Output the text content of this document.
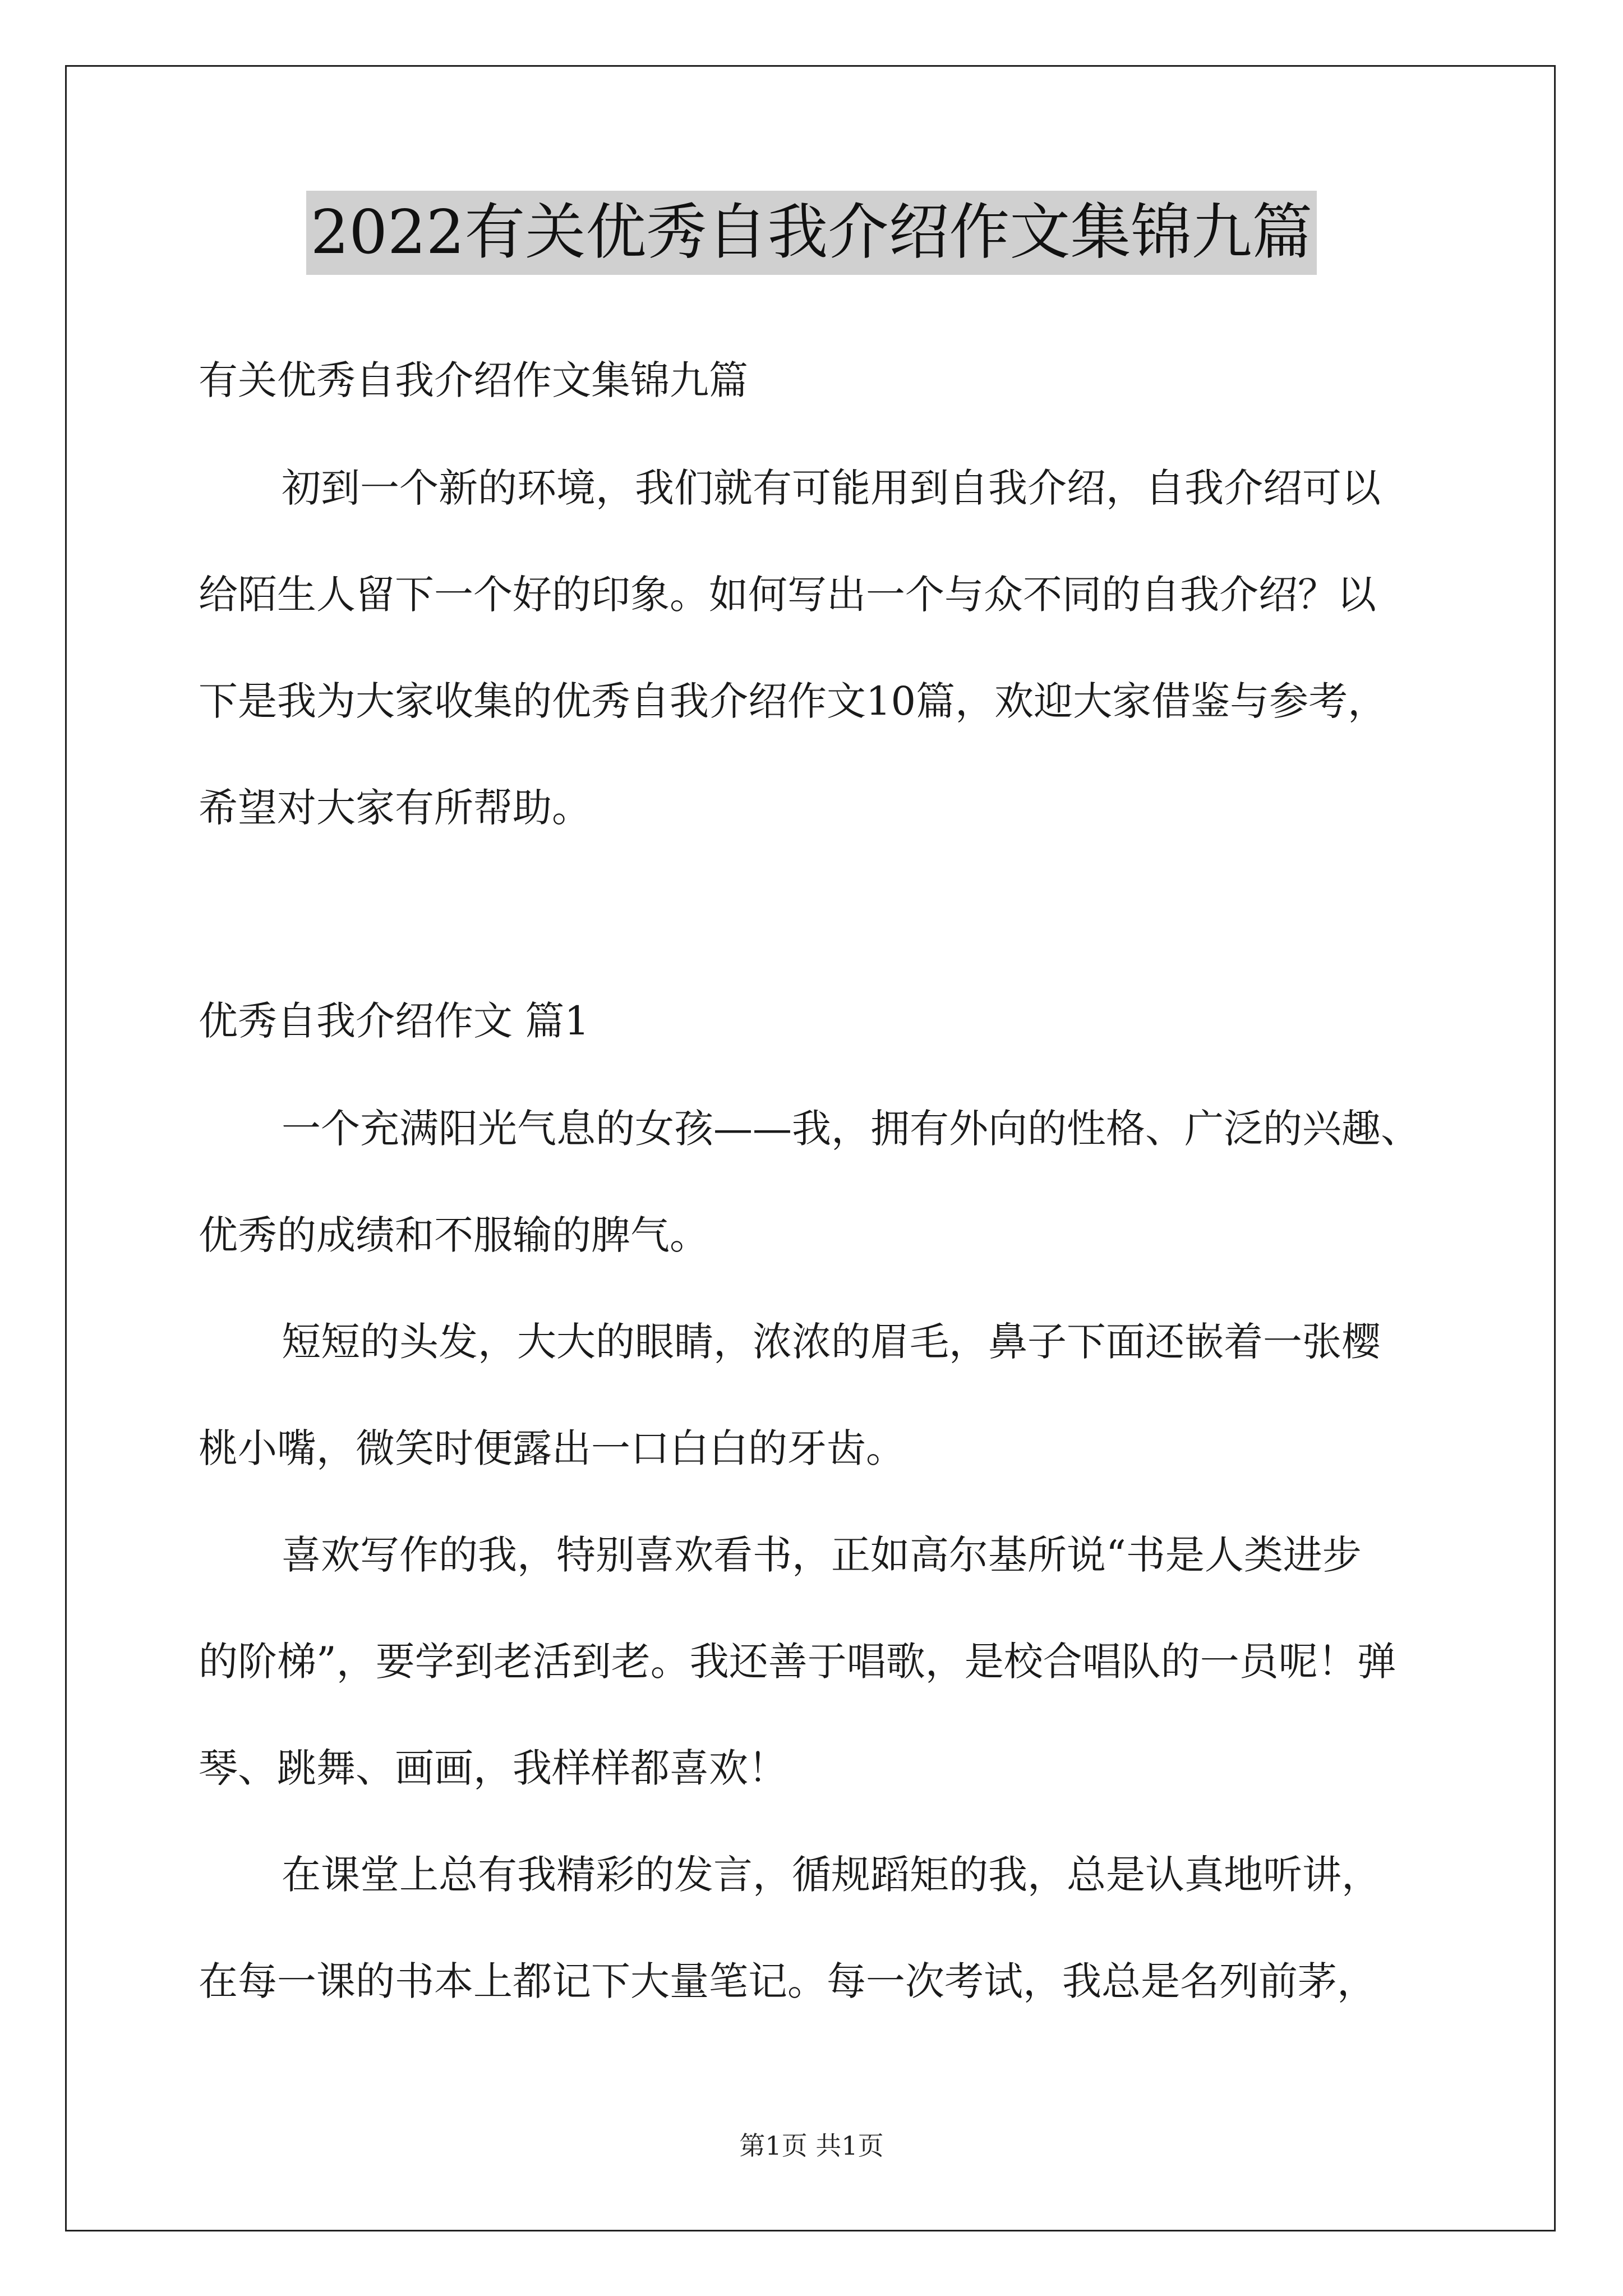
2022有关优秀自我介绍作文集锦九篇
有关优秀自我介绍作文集锦九篇
初到一个新的环境，我们就有可能用到自我介绍，自我介绍可以
给陌生人留下一个好的印象。如何写出一个与众不同的自我介绍？以
下是我为大家收集的优秀自我介绍作文10篇，欢迎大家借鉴与参考，
希望对大家有所帮助。
优秀自我介绍作文 篇1
一个充满阳光气息的女孩——我，拥有外向的性格、广泛的兴趣、
优秀的成绩和不服输的脾气。
短短的头发，大大的眼睛，浓浓的眉毛，鼻子下面还嵌着一张樱
桃小嘴，微笑时便露出一口白白的牙齿。
喜欢写作的我，特别喜欢看书，正如高尔基所说“书是人类进步
的阶梯”，要学到老活到老。我还善于唱歌，是校合唱队的一员呢！弹
琴、跳舞、画画，我样样都喜欢！
在课堂上总有我精彩的发言，循规蹈矩的我，总是认真地听讲，
在每一课的书本上都记下大量笔记。每一次考试，我总是名列前茅，
第1页 共1页
